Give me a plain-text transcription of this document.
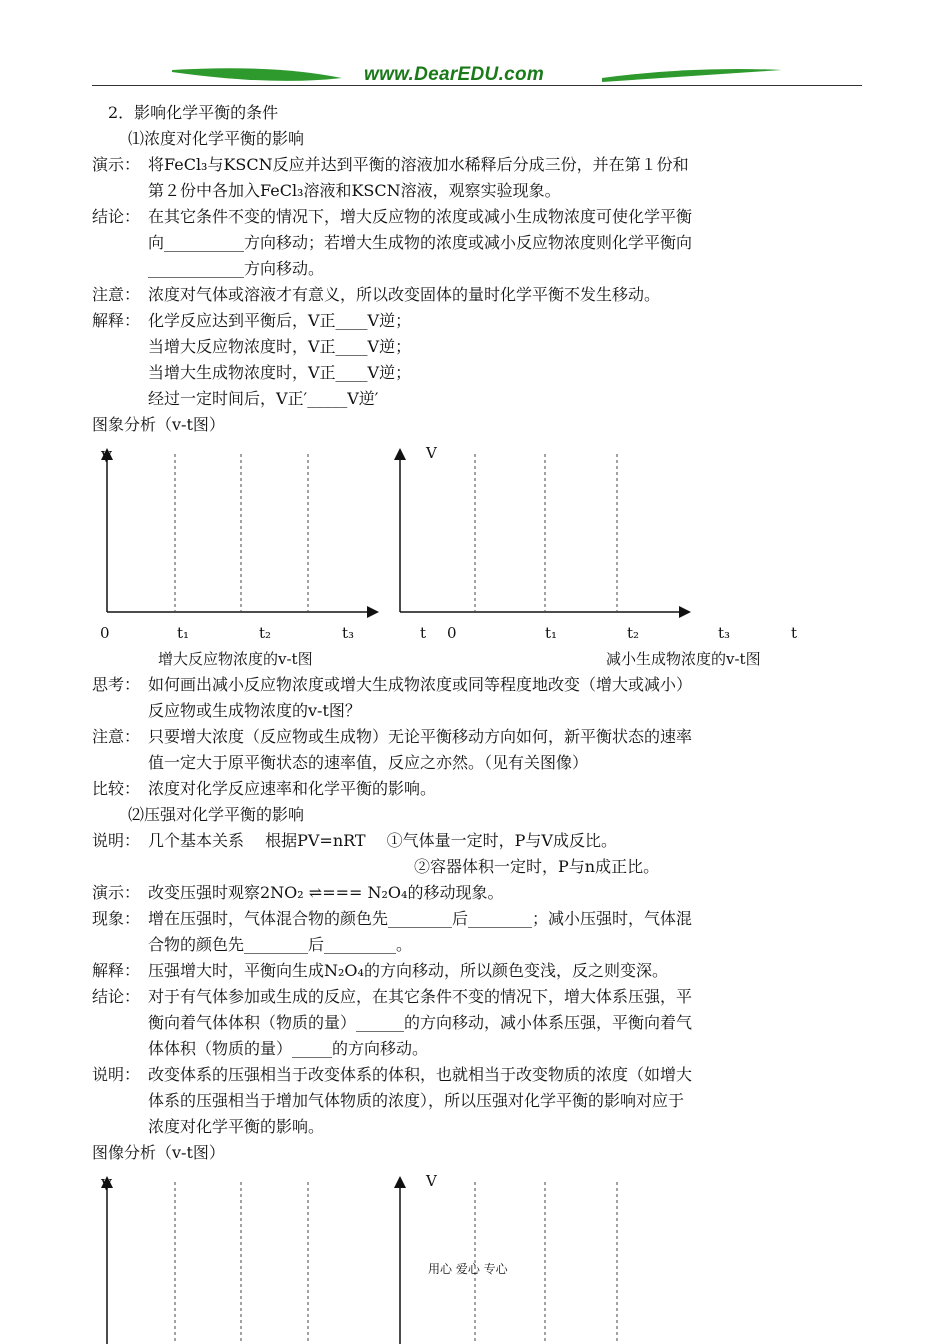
www.DearEDU.com
2．影响化学平衡的条件
⑴浓度对化学平衡的影响
演示： 将FeCl₃与KSCN反应并达到平衡的溶液加水稀释后分成三份，并在第１份和
第２份中各加入FeCl₃溶液和KSCN溶液，观察实验现象。
结论： 在其它条件不变的情况下，增大反应物的浓度或减小生成物浓度可使化学平衡
向__________方向移动；若增大生成物的浓度或减小反应物浓度则化学平衡向
____________方向移动。
注意： 浓度对气体或溶液才有意义，所以改变固体的量时化学平衡不发生移动。
解释： 化学反应达到平衡后，V正____V逆；
当增大反应物浓度时，V正____V逆；
当增大生成物浓度时，V正____V逆；
经过一定时间后，V正′_____V逆′
图象分析（v-t图）
V
0	t₁	t₂	t₃	t
增大反应物浓度的v-t图
V
0	t₁	t₂	t₃	t
减小生成物浓度的v-t图
思考： 如何画出减小反应物浓度或增大生成物浓度或同等程度地改变（增大或减小）
反应物或生成物浓度的v-t图？
注意： 只要增大浓度（反应物或生成物）无论平衡移动方向如何，新平衡状态的速率
值一定大于原平衡状态的速率值，反应之亦然。（见有关图像）
比较： 浓度对化学反应速率和化学平衡的影响。
⑵压强对化学平衡的影响
说明： 几个基本关系　 根据PV=nRT 　①气体量一定时，P与V成反比。
②容器体积一定时，P与n成正比。
演示： 改变压强时观察2NO₂ ⇌=== N₂O₄的移动现象。
现象： 增在压强时，气体混合物的颜色先________后________；减小压强时，气体混
合物的颜色先________后_________。
解释： 压强增大时，平衡向生成N₂O₄的方向移动，所以颜色变浅，反之则变深。
结论： 对于有气体参加或生成的反应，在其它条件不变的情况下，增大体系压强，平
衡向着气体体积（物质的量）______的方向移动，减小体系压强，平衡向着气
体体积（物质的量）_____的方向移动。
说明： 改变体系的压强相当于改变体系的体积，也就相当于改变物质的浓度（如增大
体系的压强相当于增加气体物质的浓度），所以压强对化学平衡的影响对应于
浓度对化学平衡的影响。
图像分析（v-t图）
V	V
用心 爱心 专心
